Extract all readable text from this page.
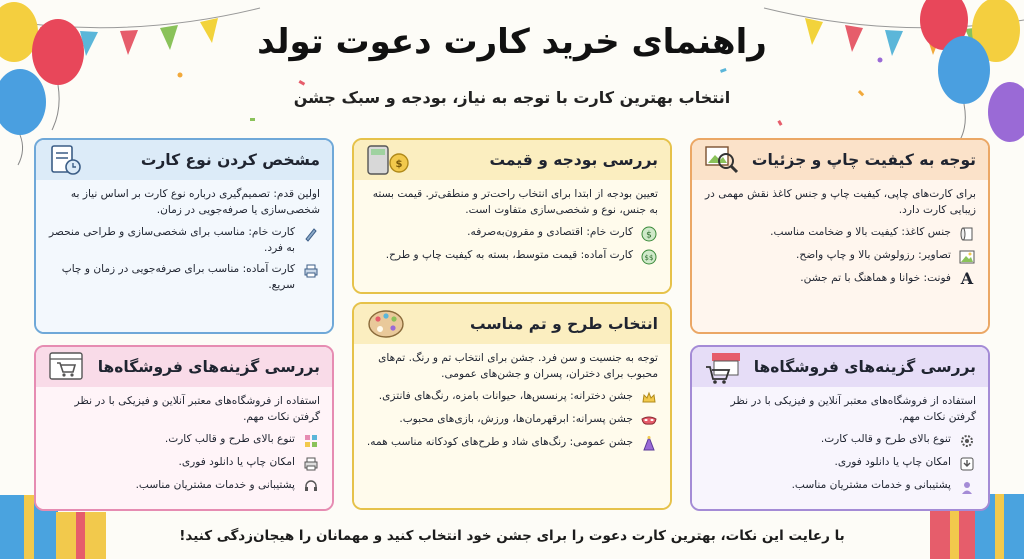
راهنمای خرید کارت دعوت تولد
انتخاب بهترین کارت با توجه به نیاز، بودجه و سبک جشن
مشخص کردن نوع کارت

اولین قدم: تصمیم‌گیری درباره نوع کارت بر اساس نیاز به شخصی‌سازی یا صرفه‌جویی در زمان.

کارت خام: مناسب برای شخصی‌سازی و طراحی منحصر به فرد.
کارت آماده: مناسب برای صرفه‌جویی در زمان و چاپ سریع.
بررسی بودجه و قیمت
$

تعیین بودجه از ابتدا برای انتخاب راحت‌تر و منطقی‌تر. قیمت بسته به جنس، نوع و شخصی‌سازی متفاوت است.

$
کارت خام: اقتصادی و مقرون‌به‌صرفه.
$$
کارت آماده: قیمت متوسط، بسته به کیفیت چاپ و طرح.
توجه به کیفیت چاپ و جزئیات

برای کارت‌های چاپی، کیفیت چاپ و جنس کاغذ نقش مهمی در زیبایی کارت دارد.

جنس کاغذ: کیفیت بالا و ضخامت مناسب.
تصاویر: رزولوشن بالا و چاپ واضح.
A
فونت: خوانا و هماهنگ با تم جشن.
انتخاب طرح و تم مناسب

توجه به جنسیت و سن فرد. جشن برای انتخاب تم و رنگ. تم‌های محبوب برای دختران، پسران و جشن‌های عمومی.

جشن دخترانه: پرنسس‌ها، حیوانات بامزه، رنگ‌های فانتزی.
جشن پسرانه: ابرقهرمان‌ها، ورزش، بازی‌های محبوب.
جشن عمومی: رنگ‌های شاد و طرح‌های کودکانه مناسب همه.
بررسی گزینه‌های فروشگاه‌ها

استفاده از فروشگاه‌های معتبر آنلاین و فیزیکی با در نظر گرفتن نکات مهم.

تنوع بالای طرح و قالب کارت.
امکان چاپ یا دانلود فوری.
پشتیبانی و خدمات مشتریان مناسب.
بررسی گزینه‌های فروشگاه‌ها

استفاده از فروشگاه‌های معتبر آنلاین و فیزیکی با در نظر گرفتن نکات مهم.

تنوع بالای طرح و قالب کارت.
امکان چاپ یا دانلود فوری.
پشتیبانی و خدمات مشتریان مناسب.
با رعایت این نکات، بهترین کارت دعوت را برای جشن خود انتخاب کنید و مهمانان را هیجان‌زدگی کنید!
